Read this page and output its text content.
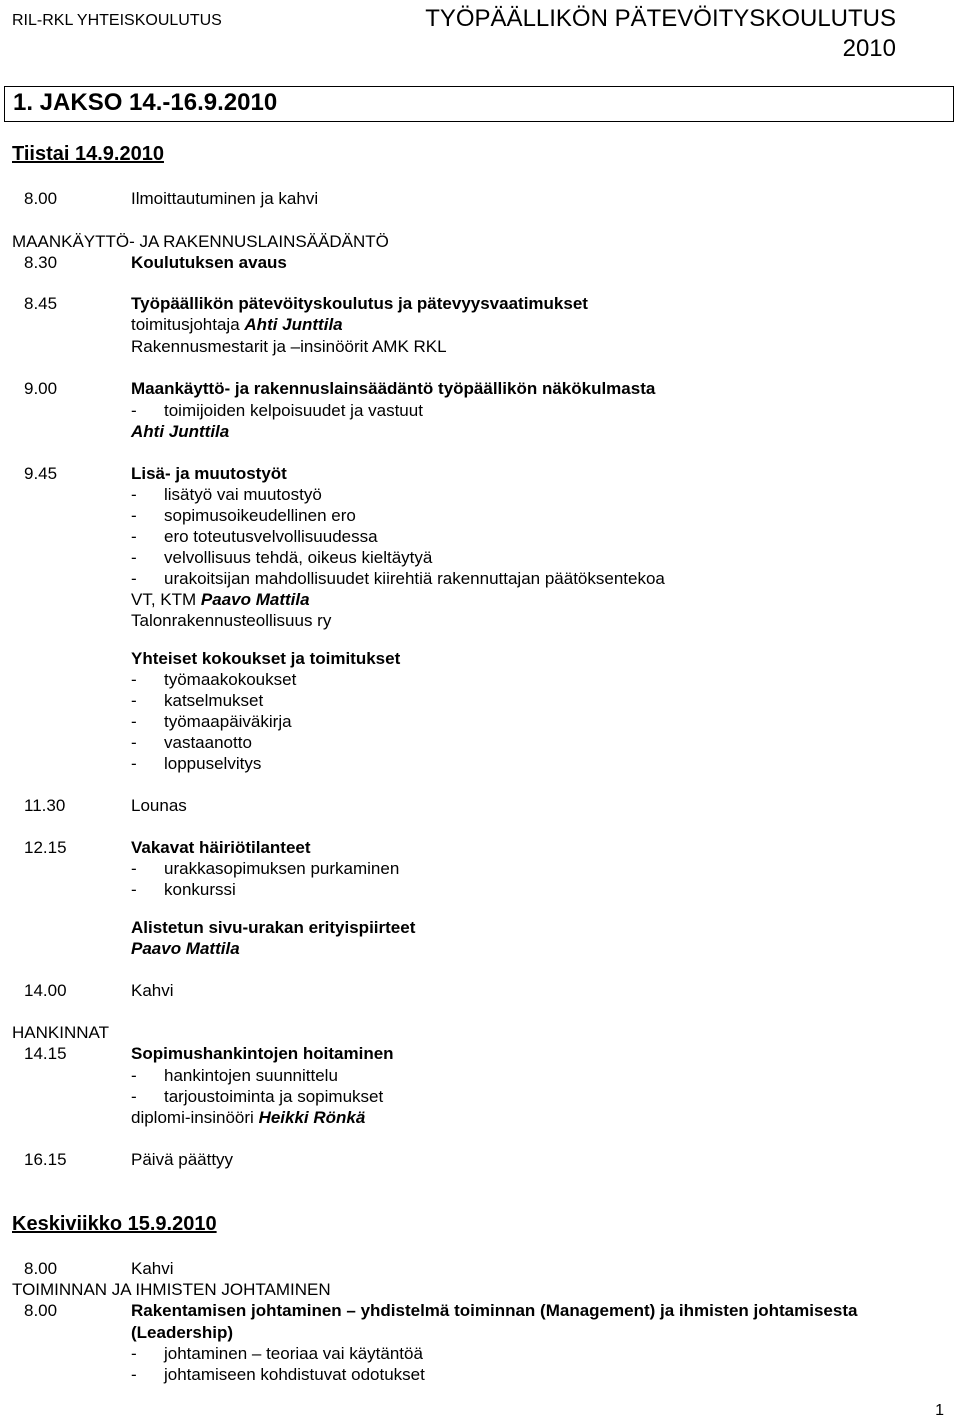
RIL-RKL YHTEISKOULUTUS	TYÖPÄÄLLIKÖN PÄTEVÖITYSKOULUTUS
2010
1. JAKSO 14.-16.9.2010
Tiistai 14.9.2010
8.00	Ilmoittautuminen ja kahvi
MAANKÄYTTÖ- JA RAKENNUSLAINSÄÄDÄNTÖ
8.30	Koulutuksen avaus
8.45	Työpäällikön pätevöityskoulutus ja pätevyysvaatimukset
toimitusjohtaja Ahti Junttila
Rakennusmestarit ja –insinöörit AMK RKL
9.00	Maankäyttö- ja rakennuslainsäädäntö työpäällikön näkökulmasta
- toimijoiden kelpoisuudet ja vastuut
Ahti Junttila
9.45	Lisä- ja muutostyöt
- lisätyö vai muutostyö
- sopimusoikeudellinen ero
- ero toteutusvelvollisuudessa
- velvollisuus tehdä, oikeus kieltäytyä
- urakoitsijan mahdollisuudet kiirehtiä rakennuttajan päätöksentekoa
VT, KTM Paavo Mattila
Talonrakennusteollisuus ry
Yhteiset kokoukset ja toimitukset
- työmaakokoukset
- katselmukset
- työmaapäiväkirja
- vastaanotto
- loppuselvitys
11.30	Lounas
12.15	Vakavat häiriötilanteet
- urakkasopimuksen purkaminen
- konkurssi
Alistetun sivu-urakan erityispiirteet
Paavo Mattila
14.00	Kahvi
HANKINNAT
14.15	Sopimushankintojen hoitaminen
- hankintojen suunnittelu
- tarjoustoiminta ja sopimukset
diplomi-insinööri Heikki Rönkä
16.15	Päivä päättyy
Keskiviikko 15.9.2010
8.00	Kahvi
TOIMINNAN JA IHMISTEN JOHTAMINEN
8.00	Rakentamisen johtaminen – yhdistelmä toiminnan (Management) ja ihmisten johtamisesta
(Leadership)
- johtaminen – teoriaa vai käytäntöä
- johtamiseen kohdistuvat odotukset
1
